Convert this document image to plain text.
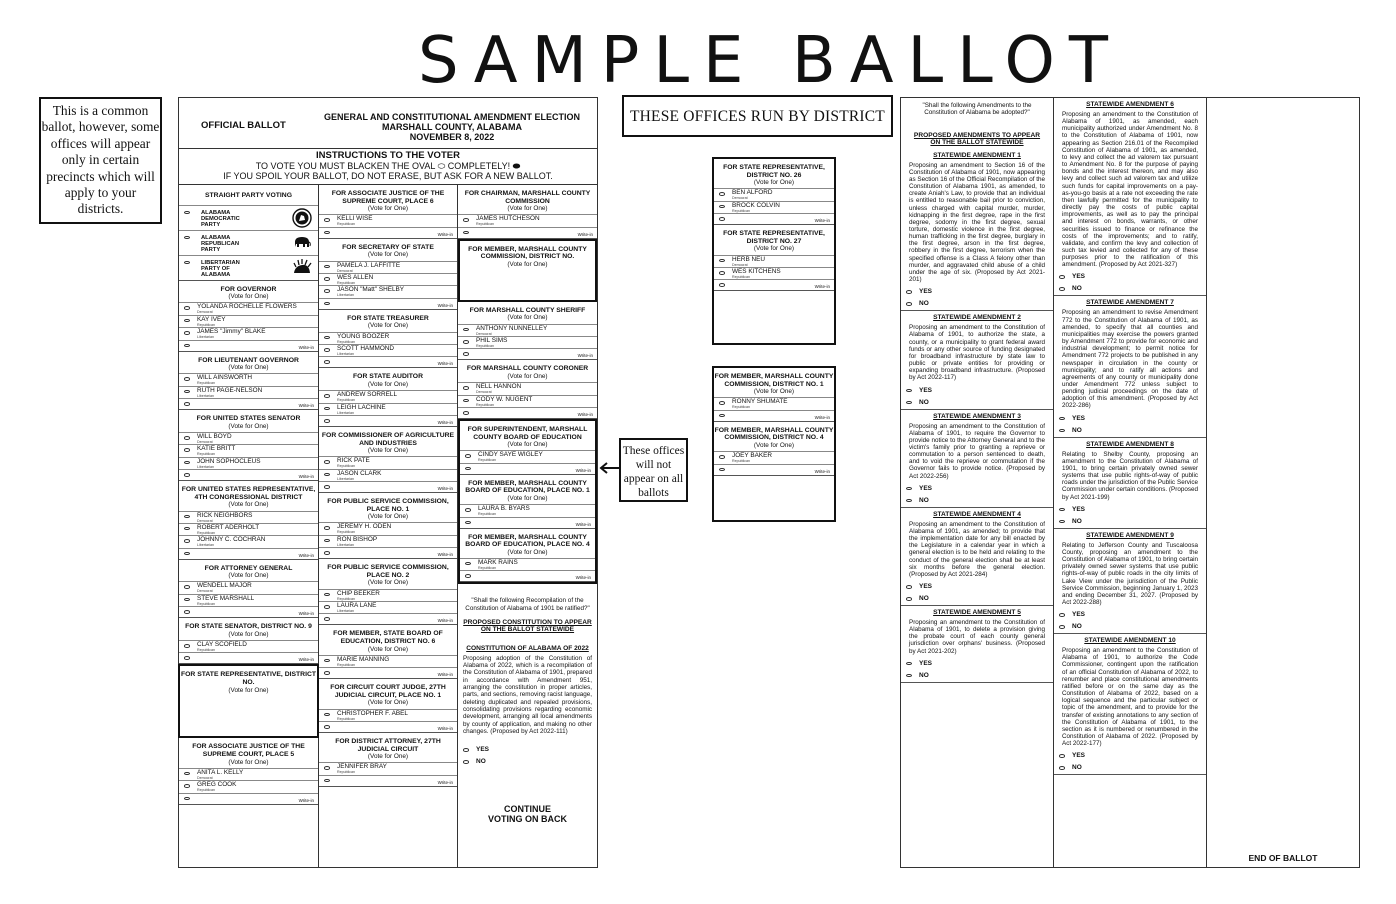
SAMPLE BALLOT
This is a common ballot, however, some offices will appear only in certain precincts which will apply to your districts.
THESE OFFICES RUN BY DISTRICT
These offices will not appear on all ballots
OFFICIAL BALLOT
GENERAL AND CONSTITUTIONAL AMENDMENT ELECTION
MARSHALL COUNTY, ALABAMA
NOVEMBER 8, 2022
INSTRUCTIONS TO THE VOTER
TO VOTE YOU MUST BLACKEN THE OVAL ⬭ COMPLETELY! ⬬
IF YOU SPOIL YOUR BALLOT, DO NOT ERASE, BUT ASK FOR A NEW BALLOT.
STRAIGHT PARTY VOTING
ALABAMA DEMOCRATIC PARTY
ALABAMA REPUBLICAN PARTY
LIBERTARIAN PARTY OF ALABAMA
FOR GOVERNOR
(Vote for One)
YOLANDA ROCHELLE FLOWERS
Democrat
KAY IVEY
Republican
JAMES "Jimmy" BLAKE
Libertarian
Write-in
FOR LIEUTENANT GOVERNOR
(Vote for One)
WILL AINSWORTH
Republican
RUTH PAGE-NELSON
Libertarian
Write-in
FOR UNITED STATES SENATOR
(Vote for One)
WILL BOYD
Democrat
KATIE BRITT
Republican
JOHN SOPHOCLEUS
Libertarian
Write-in
FOR UNITED STATES REPRESENTATIVE, 4TH CONGRESSIONAL DISTRICT
(Vote for One)
RICK NEIGHBORS
Democrat
ROBERT ADERHOLT
Republican
JOHNNY C. COCHRAN
Libertarian
Write-in
FOR ATTORNEY GENERAL
(Vote for One)
WENDELL MAJOR
Democrat
STEVE MARSHALL
Republican
Write-in
FOR STATE SENATOR, DISTRICT NO. 9
(Vote for One)
CLAY SCOFIELD
Republican
Write-in
FOR STATE REPRESENTATIVE, DISTRICT NO.
(Vote for One)
FOR ASSOCIATE JUSTICE OF THE SUPREME COURT, PLACE 5
(Vote for One)
ANITA L. KELLY
Democrat
GREG COOK
Republican
Write-in
FOR ASSOCIATE JUSTICE OF THE SUPREME COURT, PLACE 6
(Vote for One)
KELLI WISE
Republican
Write-in
FOR SECRETARY OF STATE
(Vote for One)
PAMELA J. LAFFITTE
Democrat
WES ALLEN
Republican
JASON "Matt" SHELBY
Libertarian
Write-in
FOR STATE TREASURER
(Vote for One)
YOUNG BOOZER
Republican
SCOTT HAMMOND
Libertarian
Write-in
FOR STATE AUDITOR
(Vote for One)
ANDREW SORRELL
Republican
LEIGH LACHINE
Libertarian
Write-in
FOR COMMISSIONER OF AGRICULTURE AND INDUSTRIES
(Vote for One)
RICK PATE
Republican
JASON CLARK
Libertarian
Write-in
FOR PUBLIC SERVICE COMMISSION, PLACE NO. 1
(Vote for One)
JEREMY H. ODEN
Republican
RON BISHOP
Libertarian
Write-in
FOR PUBLIC SERVICE COMMISSION, PLACE NO. 2
(Vote for One)
CHIP BEEKER
Republican
LAURA LANE
Libertarian
Write-in
FOR MEMBER, STATE BOARD OF EDUCATION, DISTRICT NO. 6
(Vote for One)
MARIE MANNING
Republican
Write-in
FOR CIRCUIT COURT JUDGE, 27TH JUDICIAL CIRCUIT, PLACE NO. 1
(Vote for One)
CHRISTOPHER F. ABEL
Republican
Write-in
FOR DISTRICT ATTORNEY, 27TH JUDICIAL CIRCUIT
(Vote for One)
JENNIFER BRAY
Republican
Write-in
FOR CHAIRMAN, MARSHALL COUNTY COMMISSION
(Vote for One)
JAMES HUTCHESON
Republican
Write-in
FOR MEMBER, MARSHALL COUNTY COMMISSION, DISTRICT NO.
(Vote for One)
FOR MARSHALL COUNTY SHERIFF
(Vote for One)
ANTHONY NUNNELLEY
Democrat
PHIL SIMS
Republican
Write-in
FOR MARSHALL COUNTY CORONER
(Vote for One)
NELL HANNON
Democrat
CODY W. NUGENT
Republican
Write-in
FOR SUPERINTENDENT, MARSHALL COUNTY BOARD OF EDUCATION
(Vote for One)
CINDY SAYE WIGLEY
Republican
Write-in
FOR MEMBER, MARSHALL COUNTY BOARD OF EDUCATION, PLACE NO. 1
(Vote for One)
LAURA B. BYARS
Republican
Write-in
FOR MEMBER, MARSHALL COUNTY BOARD OF EDUCATION, PLACE NO. 4
(Vote for One)
MARK RAINS
Republican
Write-in
"Shall the following Recompilation of the Constitution of Alabama of 1901 be ratified?"
PROPOSED CONSTITUTION TO APPEAR ON THE BALLOT STATEWIDE
CONSTITUTION OF ALABAMA OF 2022
Proposing adoption of the Constitution of Alabama of 2022, which is a recompilation of the Constitution of Alabama of 1901, prepared in accordance with Amendment 951, arranging the constitution in proper articles, parts, and sections, removing racist language, deleting duplicated and repealed provisions, consolidating provisions regarding economic development, arranging all local amendments by county of application, and making no other changes. (Proposed by Act 2022-111)
YES
NO
CONTINUE VOTING ON BACK
FOR STATE REPRESENTATIVE, DISTRICT NO. 26
(Vote for One)
BEN ALFORD
Democrat
BROCK COLVIN
Republican
Write-in
FOR STATE REPRESENTATIVE, DISTRICT NO. 27
(Vote for One)
HERB NEU
Democrat
WES KITCHENS
Republican
Write-in
FOR MEMBER, MARSHALL COUNTY COMMISSION, DISTRICT NO. 1
(Vote for One)
RONNY SHUMATE
Republican
Write-in
FOR MEMBER, MARSHALL COUNTY COMMISSION, DISTRICT NO. 4
(Vote for One)
JOEY BAKER
Republican
Write-in
"Shall the following Amendments to the Constitution of Alabama be adopted?"
PROPOSED AMENDMENTS TO APPEAR ON THE BALLOT STATEWIDE
STATEWIDE AMENDMENT 1
Proposing an amendment to Section 16 of the Constitution of Alabama of 1901, now appearing as Section 16 of the Official Recompilation of the Constitution of Alabama 1901, as amended, to create Aniah's Law, to provide that an individual is entitled to reasonable bail prior to conviction, unless charged with capital murder, murder, kidnapping in the first degree, rape in the first degree, sodomy in the first degree, sexual torture, domestic violence in the first degree, human trafficking in the first degree, burglary in the first degree, arson in the first degree, robbery in the first degree, terrorism when the specified offense is a Class A felony other than murder, and aggravated child abuse of a child under the age of six. (Proposed by Act 2021-201)
YES
NO
STATEWIDE AMENDMENT 2
Proposing an amendment to the Constitution of Alabama of 1901, to authorize the state, a county, or a municipality to grant federal award funds or any other source of funding designated for broadband infrastructure by state law to public or private entities for providing or expanding broadband infrastructure. (Proposed by Act 2022-117)
YES
NO
STATEWIDE AMENDMENT 3
Proposing an amendment to the Constitution of Alabama of 1901, to require the Governor to provide notice to the Attorney General and to the victim's family prior to granting a reprieve or commutation to a person sentenced to death, and to void the reprieve or commutation if the Governor fails to provide notice. (Proposed by Act 2022-256)
YES
NO
STATEWIDE AMENDMENT 4
Proposing an amendment to the Constitution of Alabama of 1901, as amended; to provide that the implementation date for any bill enacted by the Legislature in a calendar year in which a general election is to be held and relating to the conduct of the general election shall be at least six months before the general election. (Proposed by Act 2021-284)
YES
NO
STATEWIDE AMENDMENT 5
Proposing an amendment to the Constitution of Alabama of 1901, to delete a provision giving the probate court of each county general jurisdiction over orphans' business. (Proposed by Act 2021-202)
YES
NO
STATEWIDE AMENDMENT 6
Proposing an amendment to the Constitution of Alabama of 1901, as amended, each municipality authorized under Amendment No. 8 to the Constitution of Alabama of 1901, now appearing as Section 216.01 of the Recompiled Constitution of Alabama of 1901, as amended, to levy and collect the ad valorem tax pursuant to Amendment No. 8 for the purpose of paying bonds and the interest thereon, and may also levy and collect such ad valorem tax and utilize such funds for capital improvements on a pay-as-you-go basis at a rate not exceeding the rate then lawfully permitted for the municipality to directly pay the costs of public capital improvements, as well as to pay the principal and interest on bonds, warrants, or other securities issued to finance or refinance the costs of the improvements; and to ratify, validate, and confirm the levy and collection of such tax levied and collected for any of these purposes prior to the ratification of this amendment. (Proposed by Act 2021-327)
YES
NO
STATEWIDE AMENDMENT 7
Proposing an amendment to revise Amendment 772 to the Constitution of Alabama of 1901, as amended, to specify that all counties and municipalities may exercise the powers granted by Amendment 772 to provide for economic and industrial development; to permit notice for Amendment 772 projects to be published in any newspaper in circulation in the county or municipality; and to ratify all actions and agreements of any county or municipality done under Amendment 772 unless subject to pending judicial proceedings on the date of adoption of this amendment. (Proposed by Act 2022-286)
YES
NO
STATEWIDE AMENDMENT 8
Relating to Shelby County, proposing an amendment to the Constitution of Alabama of 1901, to bring certain privately owned sewer systems that use public rights-of-way of public roads under the jurisdiction of the Public Service Commission under certain conditions. (Proposed by Act 2021-199)
YES
NO
STATEWIDE AMENDMENT 9
Relating to Jefferson County and Tuscaloosa County, proposing an amendment to the Constitution of Alabama of 1901, to bring certain privately owned sewer systems that use public rights-of-way of public roads in the city limits of Lake View under the jurisdiction of the Public Service Commission, beginning January 1, 2023 and ending December 31, 2027. (Proposed by Act 2022-288)
YES
NO
STATEWIDE AMENDMENT 10
Proposing an amendment to the Constitution of Alabama of 1901, to authorize the Code Commissioner, contingent upon the ratification of an official Constitution of Alabama of 2022, to renumber and place constitutional amendments ratified before or on the same day as the Constitution of Alabama of 2022, based on a logical sequence and the particular subject or topic of the amendment, and to provide for the transfer of existing annotations to any section of the Constitution of Alabama of 1901, to the section as it is numbered or renumbered in the Constitution of Alabama of 2022. (Proposed by Act 2022-177)
YES
NO
END OF BALLOT
